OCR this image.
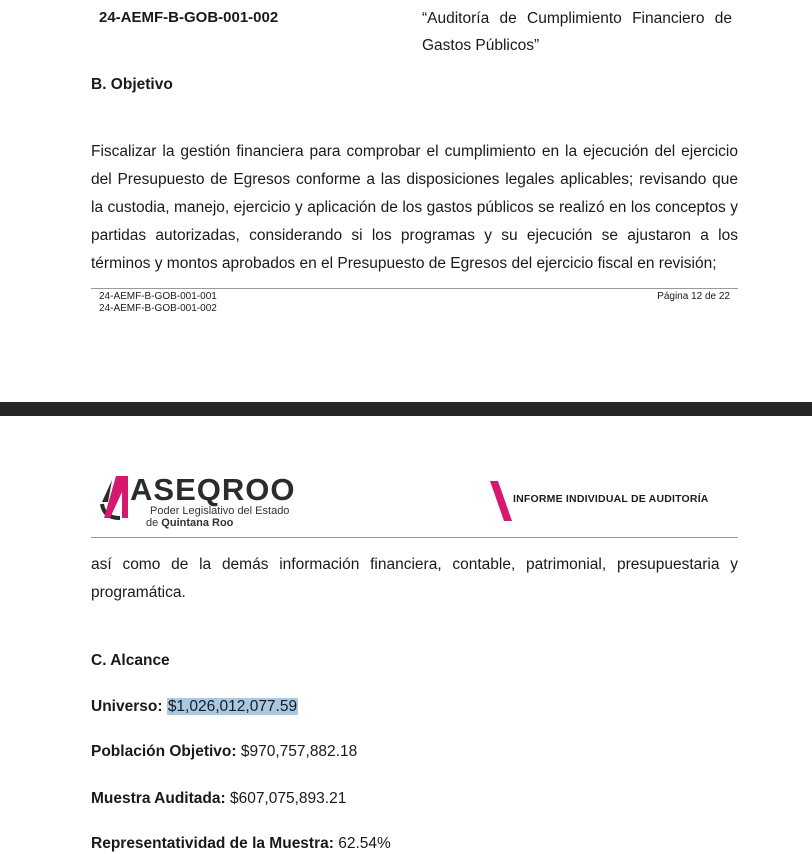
24-AEMF-B-GOB-001-002	“Auditoría de Cumplimiento Financiero de Gastos Públicos”
B. Objetivo
Fiscalizar la gestión financiera para comprobar el cumplimiento en la ejecución del ejercicio del Presupuesto de Egresos conforme a las disposiciones legales aplicables; revisando que la custodia, manejo, ejercicio y aplicación de los gastos públicos se realizó en los conceptos y partidas autorizadas, considerando si los programas y su ejecución se ajustaron a los términos y montos aprobados en el Presupuesto de Egresos del ejercicio fiscal en revisión;
24-AEMF-B-GOB-001-001
24-AEMF-B-GOB-001-002
Página 12 de 22
ASEQROO
Poder Legislativo del Estado
de Quintana Roo
INFORME INDIVIDUAL DE AUDITORÍA
así como de la demás información financiera, contable, patrimonial, presupuestaria y programática.
C. Alcance
Universo: $1,026,012,077.59
Población Objetivo: $970,757,882.18
Muestra Auditada: $607,075,893.21
Representatividad de la Muestra: 62.54%
